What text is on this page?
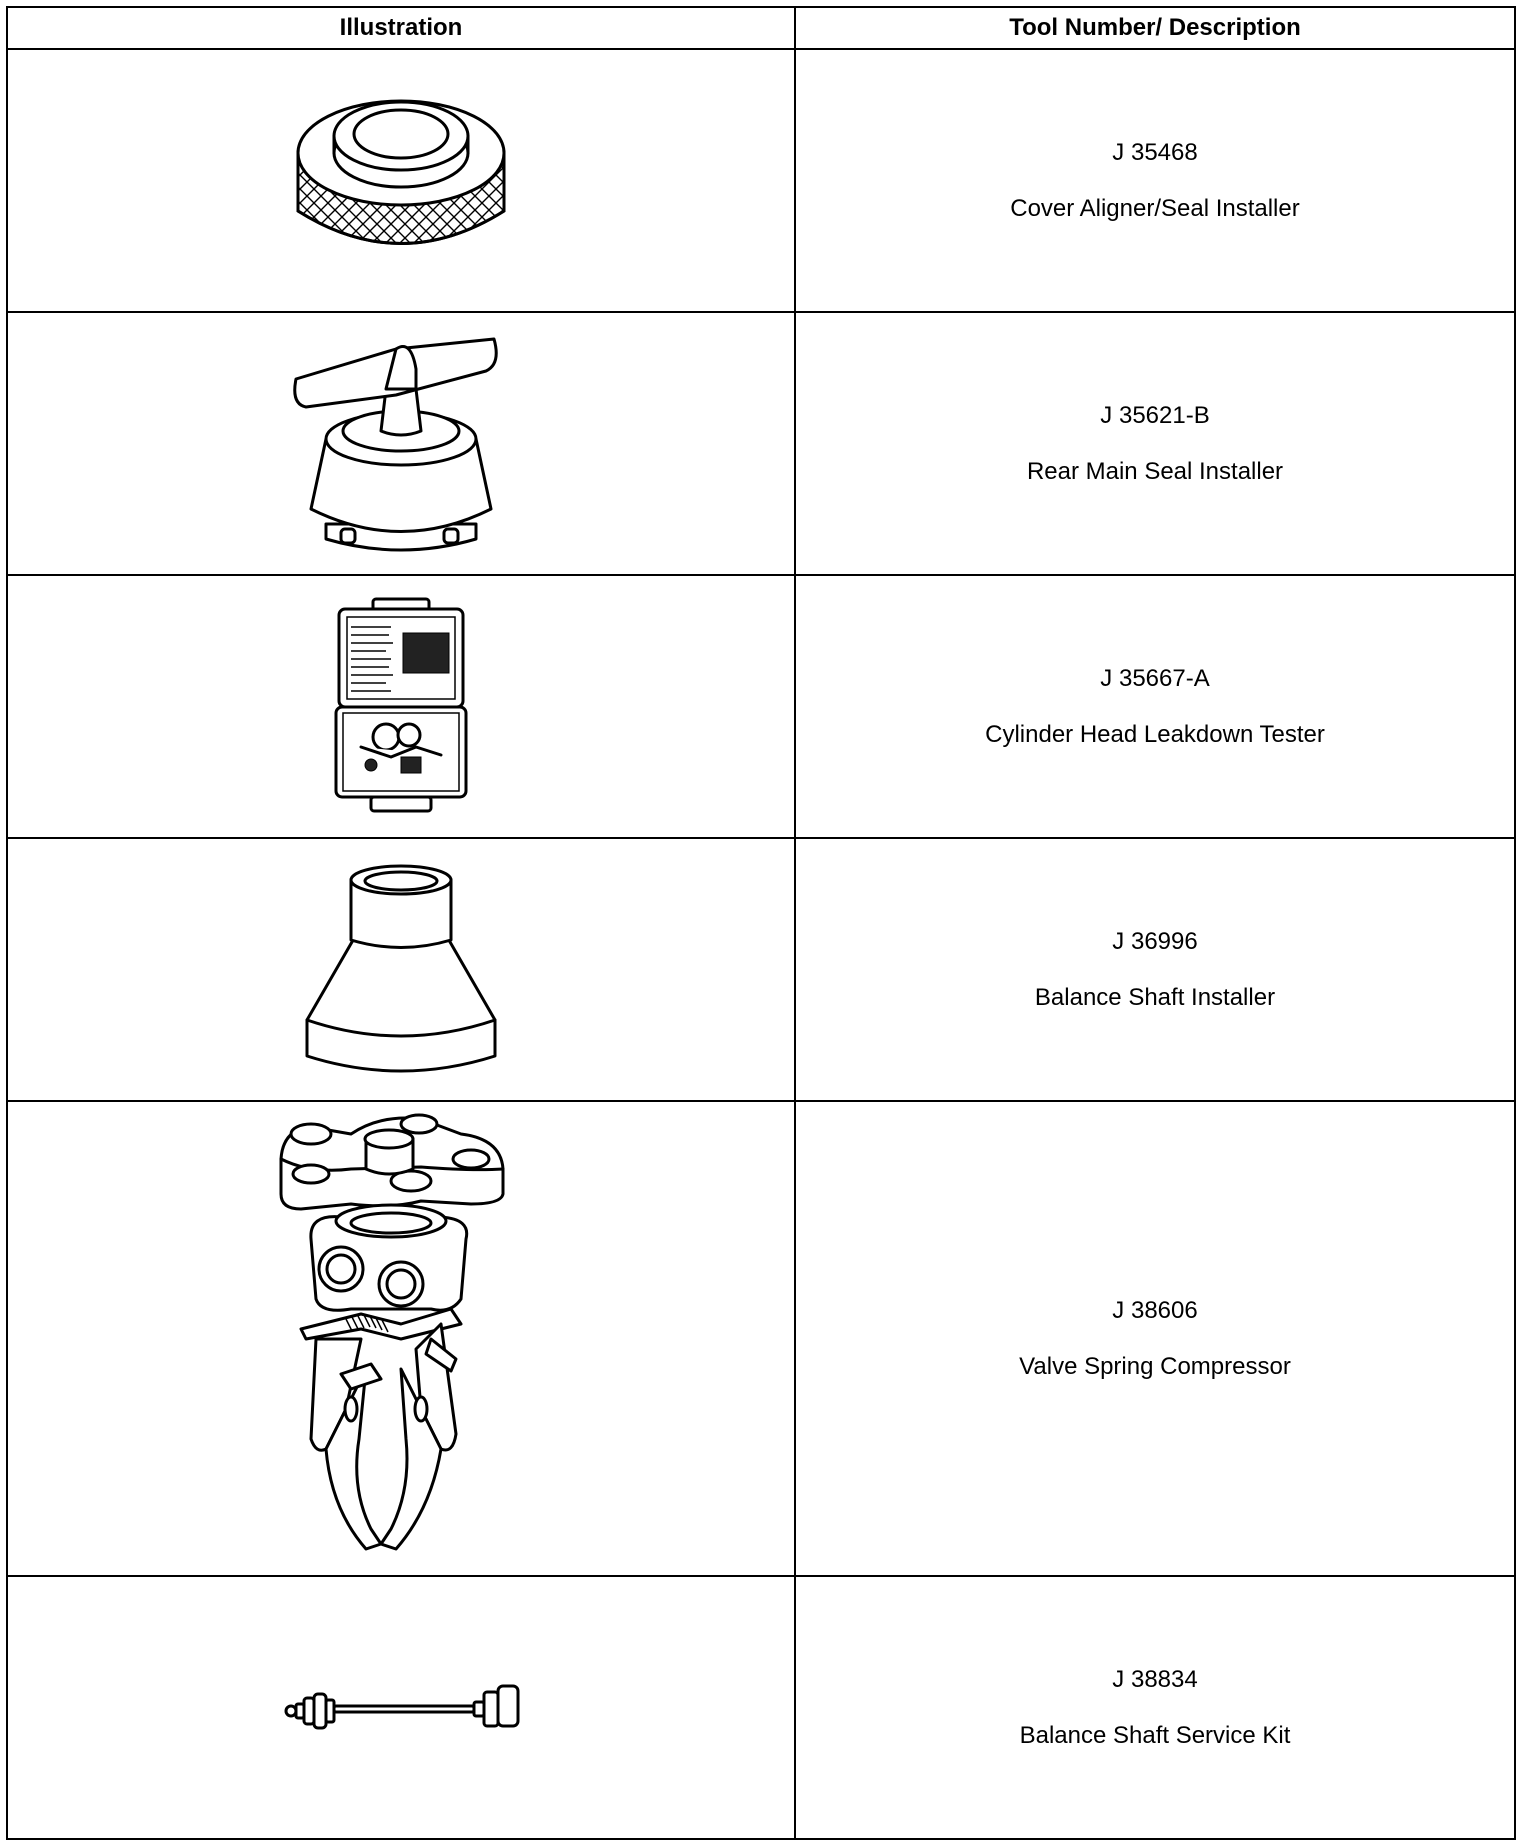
Illustration	Tool Number/ Description

J 35468
Cover Aligner/Seal Installer

J 35621-B
Rear Main Seal Installer

J 35667-A
Cylinder Head Leakdown Tester

J 36996
Balance Shaft Installer

J 38606
Valve Spring Compressor

J 38834
Balance Shaft Service Kit
